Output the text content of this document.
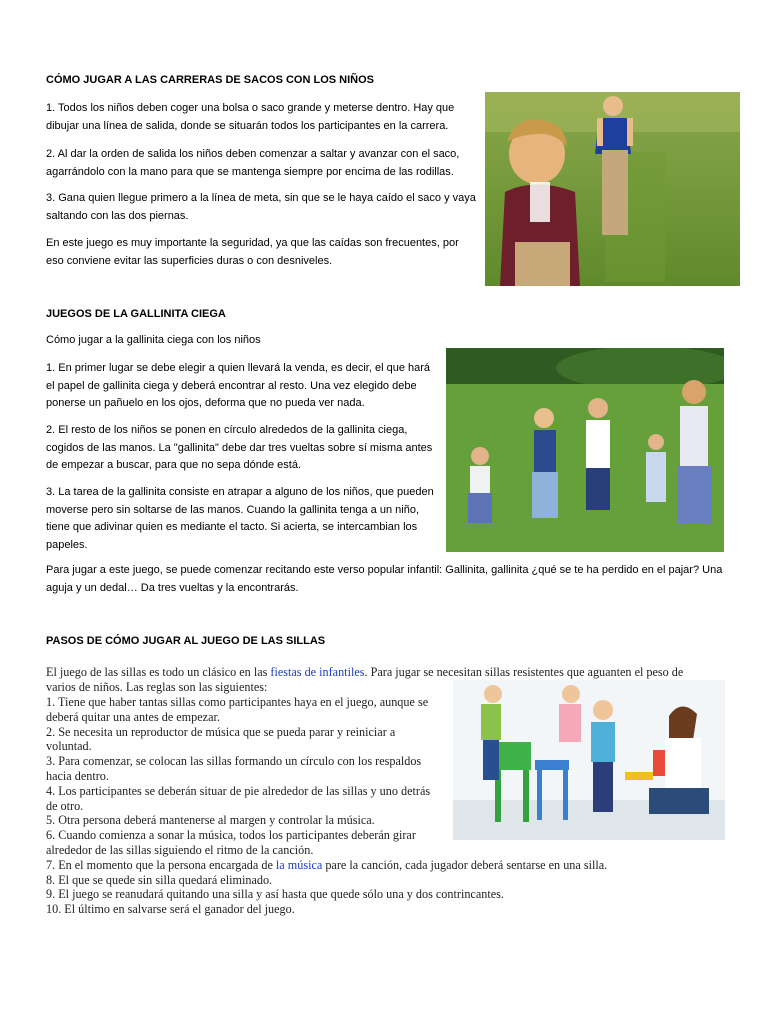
CÓMO JUGAR A LAS CARRERAS DE SACOS CON LOS NIÑOS

1. Todos los niños deben coger una bolsa o saco grande y meterse dentro. Hay que dibujar una línea de salida, donde se situarán todos los participantes en la carrera.

2. Al dar la orden de salida los niños deben comenzar a saltar y avanzar con el saco, agarrándolo con la mano para que se mantenga siempre por encima de las rodillas.

3. Gana quien llegue primero a la línea de meta, sin que se le haya caído el saco y vaya saltando con las dos piernas.

En este juego es muy importante la seguridad, ya que las caídas son frecuentes, por eso conviene evitar las superficies duras o con desniveles.

JUEGOS DE LA GALLINITA CIEGA
Cómo jugar a la gallinita ciega con los niños

1. En primer lugar se debe elegir a quien llevará la venda, es decir, el que hará el papel de gallinita ciega y deberá encontrar al resto. Una vez elegido debe ponerse un pañuelo en los ojos, deforma que no pueda ver nada.

2. El resto de los niños se ponen en círculo alrededos de la gallinita ciega, cogidos de las manos. La "gallinita" debe dar tres vueltas sobre sí misma antes de empezar a buscar, para que no sepa dónde está.

3. La tarea de la gallinita consiste en atrapar a alguno de los niños, que pueden moverse pero sin soltarse de las manos. Cuando la gallinita tenga a un niño, tiene que adivinar quien es mediante el tacto. Si acierta, se intercambian los papeles.

Para jugar a este juego, se puede comenzar recitando este verso popular infantil: Gallinita, gallinita ¿qué se te ha perdido en el pajar? Una aguja y un dedal… Da tres vueltas y la encontrarás.

PASOS DE CÓMO JUGAR AL JUEGO DE LAS SILLAS
El juego de las sillas es todo un clásico en las fiestas de infantiles. Para jugar se necesitan sillas resistentes que aguanten el peso de
varios de niños. Las reglas son las siguientes:
1. Tiene que haber tantas sillas como participantes haya en el juego, aunque se
deberá quitar una antes de empezar.
2. Se necesita un reproductor de música que se pueda parar y reiniciar a
voluntad.
3. Para comenzar, se colocan las sillas formando un círculo con los respaldos
hacia dentro.
4. Los participantes se deberán situar de pie alrededor de las sillas y uno detrás
de otro.
5. Otra persona deberá mantenerse al margen y controlar la música.
6. Cuando comienza a sonar la música, todos los participantes deberán girar
alrededor de las sillas siguiendo el ritmo de la canción.
7. En el momento que la persona encargada de la música pare la canción, cada jugador deberá sentarse en una silla.
8. El que se quede sin silla quedará eliminado.
9. El juego se reanudará quitando una silla y así hasta que quede sólo una y dos contrincantes.
10. El último en salvarse será el ganador del juego.
